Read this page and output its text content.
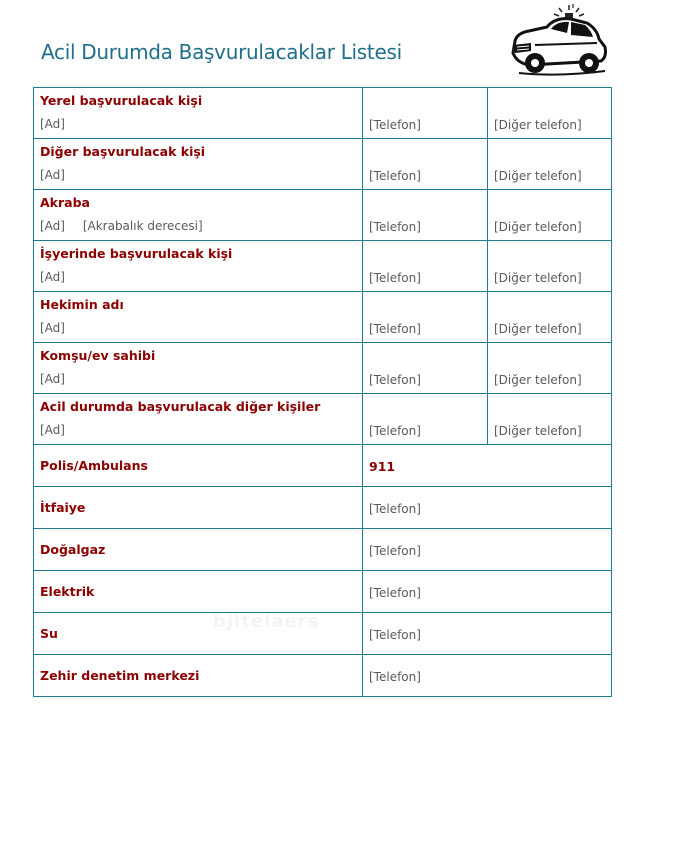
Acil Durumda Başvurulacaklar Listesi
Yerel başvurulacak kişi
[Ad]	[Telefon]	[Diğer telefon]

Diğer başvurulacak kişi
[Ad]	[Telefon]	[Diğer telefon]

Akraba
[Ad] [Akrabalık derecesi]	[Telefon]	[Diğer telefon]

İşyerinde başvurulacak kişi
[Ad]	[Telefon]	[Diğer telefon]

Hekimin adı
[Ad]	[Telefon]	[Diğer telefon]

Komşu/ev sahibi
[Ad]	[Telefon]	[Diğer telefon]

Acil durumda başvurulacak diğer kişiler
[Ad]	[Telefon]	[Diğer telefon]

Polis/Ambulans	911	

İtfaiye	[Telefon]	

Doğalgaz	[Telefon]	

Elektrik	[Telefon]	

Su	[Telefon]	

Zehir denetim merkezi	[Telefon]	
bjitelaers
